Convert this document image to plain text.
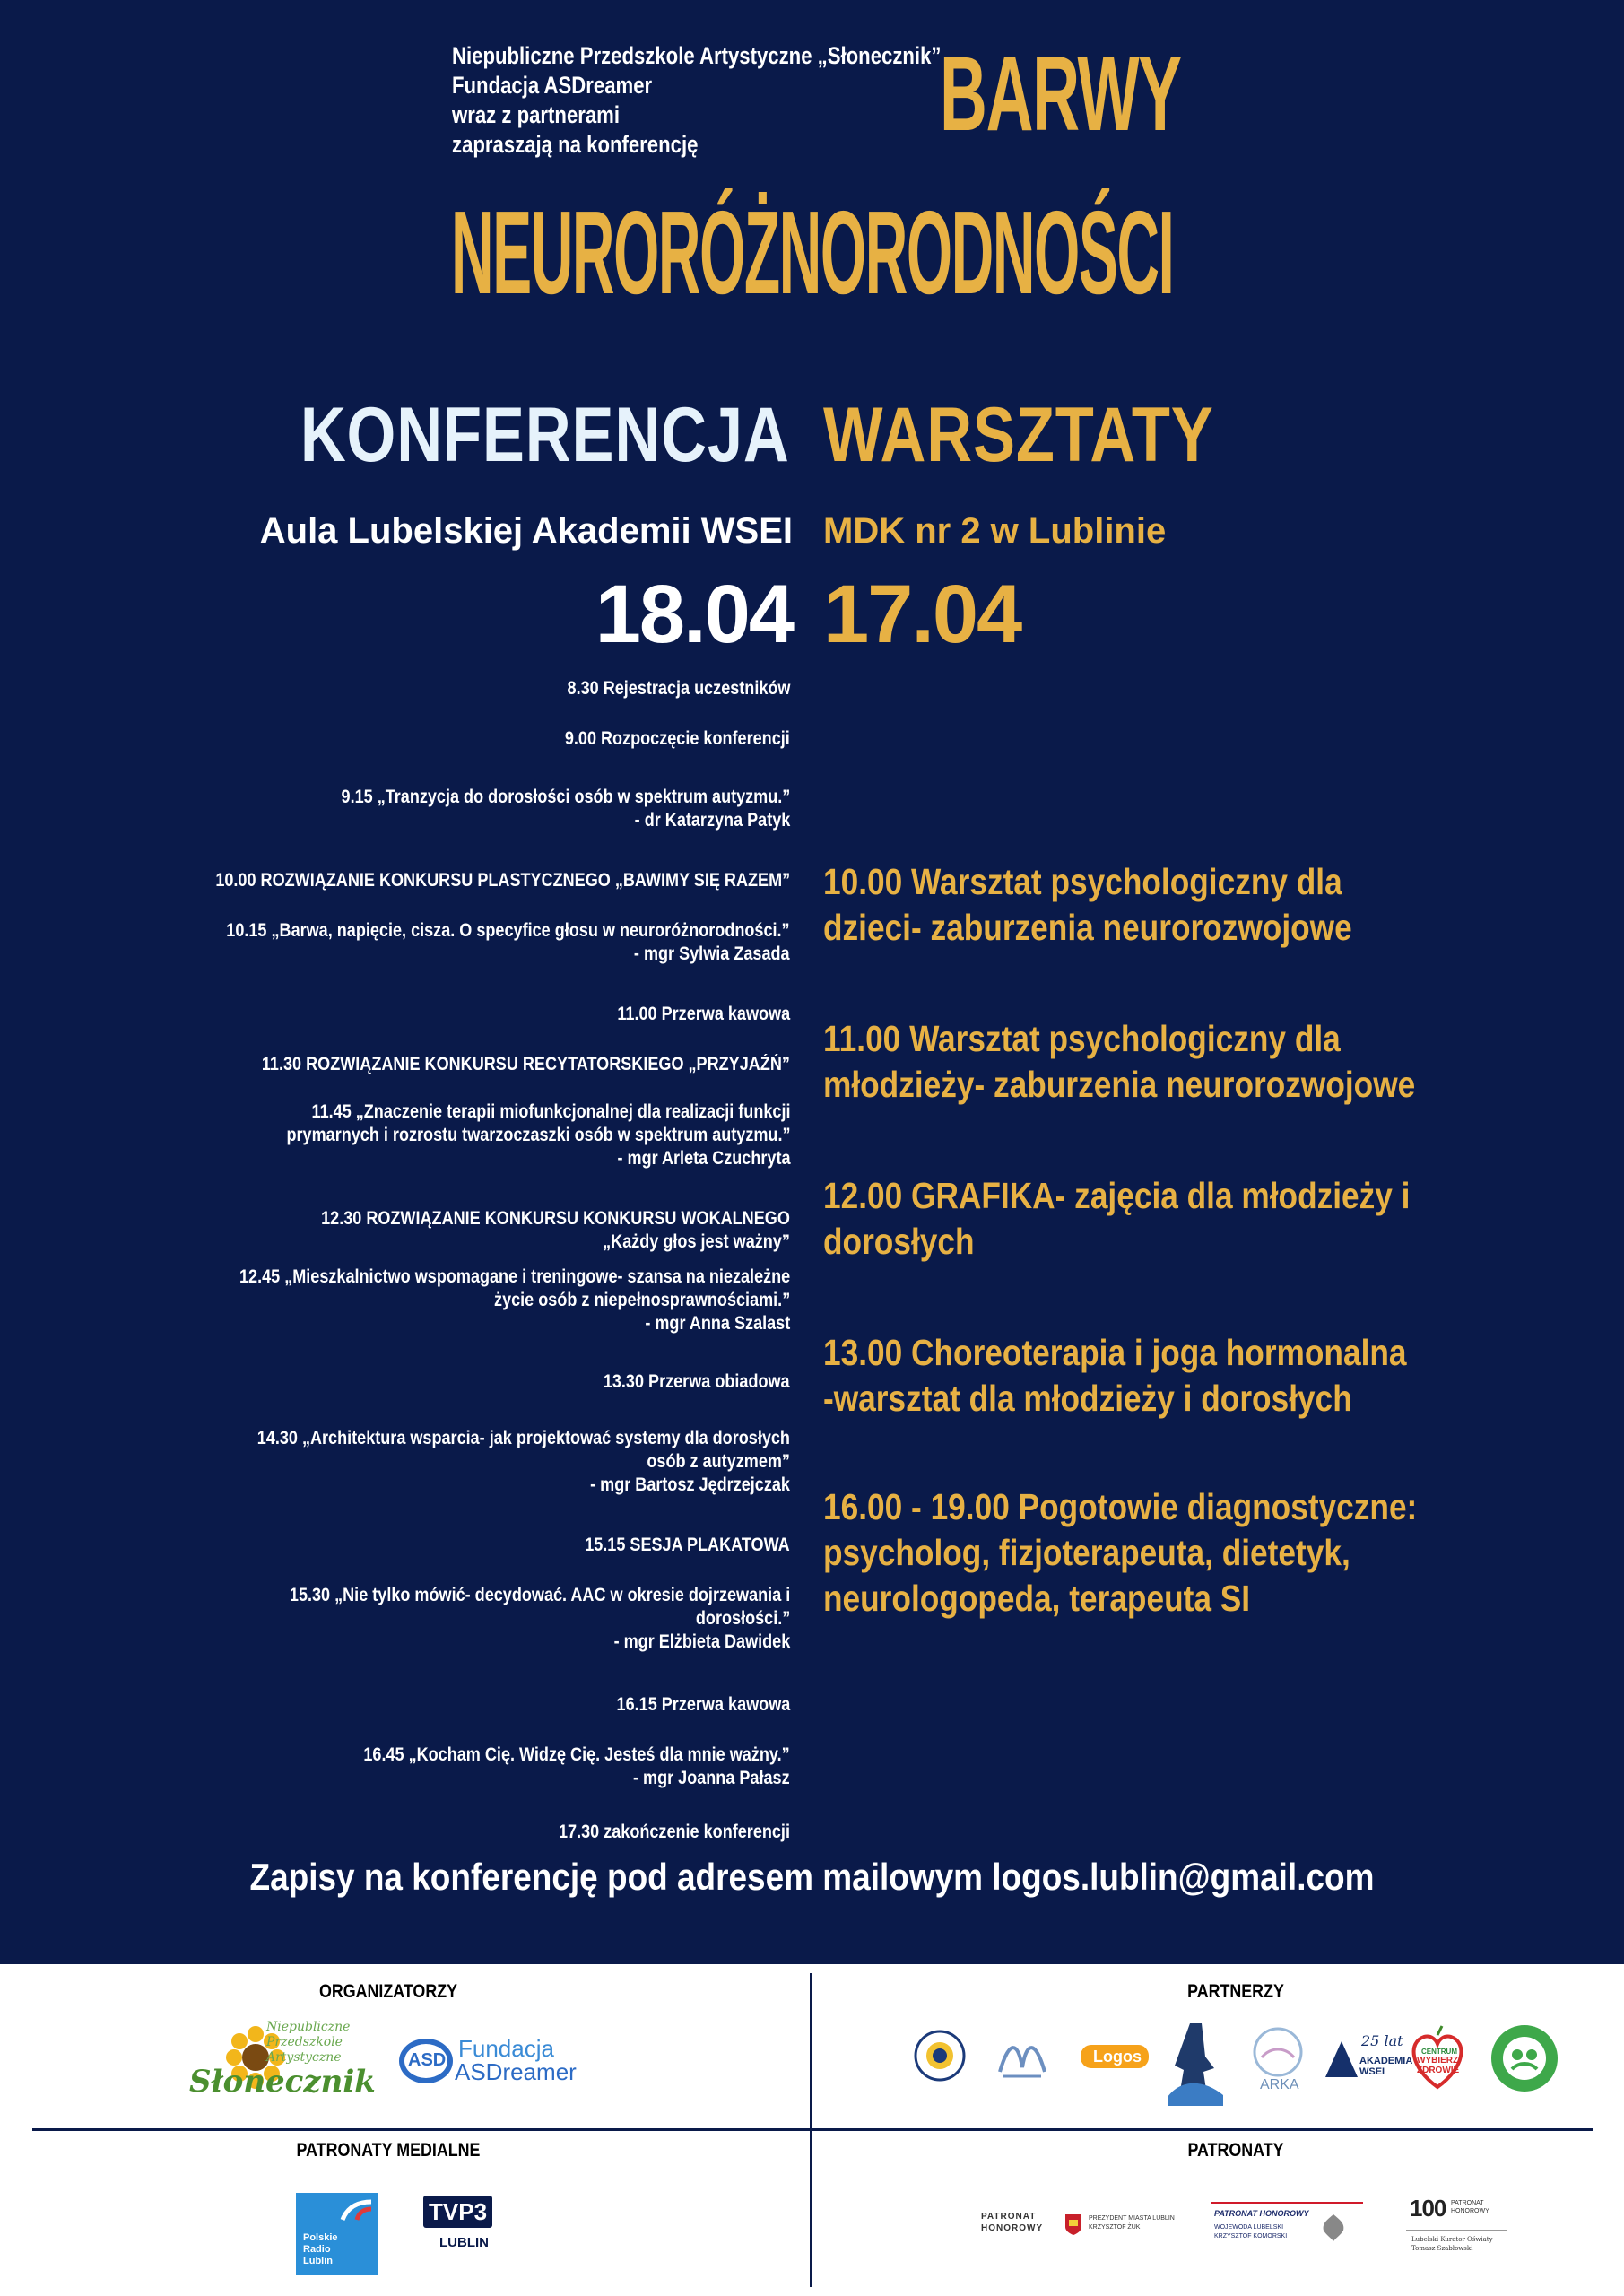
Niepubliczne Przedszkole Artystyczne „Słonecznik”
Fundacja ASDreamer
wraz z partnerami
zapraszają na konferencję	BARWY
NEURORÓŻNORODNOŚCI
KONFERENCJA WARSZTATY
Aula Lubelskiej Akademii WSEI MDK nr 2 w Lublinie
18.04 17.04
8.30 Rejestracja uczestników
9.00 Rozpoczęcie konferencji
9.15 „Tranzycja do dorosłości osób w spektrum autyzmu.”
- dr Katarzyna Patyk
10.00 ROZWIĄZANIE KONKURSU PLASTYCZNEGO „BAWIMY SIĘ RAZEM”
10.15 „Barwa, napięcie, cisza. O specyfice głosu w neuroróżnorodności.”
- mgr Sylwia Zasada
11.00 Przerwa kawowa
11.30 ROZWIĄZANIE KONKURSU RECYTATORSKIEGO „PRZYJAŹŃ”
11.45 „Znaczenie terapii miofunkcjonalnej dla realizacji funkcji
prymarnych i rozrostu twarzoczaszki osób w spektrum autyzmu.”
- mgr Arleta Czuchryta
12.30 ROZWIĄZANIE KONKURSU KONKURSU WOKALNEGO
„Każdy głos jest ważny”
12.45 „Mieszkalnictwo wspomagane i treningowe- szansa na niezależne
życie osób z niepełnosprawnościami.”
- mgr Anna Szalast
13.30 Przerwa obiadowa
14.30 „Architektura wsparcia- jak projektować systemy dla dorosłych
osób z autyzmem”
- mgr Bartosz Jędrzejczak
15.15 SESJA PLAKATOWA
15.30 „Nie tylko mówić- decydować. AAC w okresie dojrzewania i
dorosłości.”
- mgr Elżbieta Dawidek
16.15 Przerwa kawowa
16.45 „Kocham Cię. Widzę Cię. Jesteś dla mnie ważny.”
- mgr Joanna Pałasz
17.30 zakończenie konferencji
10.00 Warsztat psychologiczny dla
dzieci- zaburzenia neurorozwojowe
11.00 Warsztat psychologiczny dla
młodzieży- zaburzenia neurorozwojowe
12.00 GRAFIKA- zajęcia dla młodzieży i
dorosłych
13.00 Choreoterapia i joga hormonalna
-warsztat dla młodzieży i dorosłych
16.00 - 19.00 Pogotowie diagnostyczne:
psycholog, fizjoterapeuta, dietetyk,
neurologopeda, terapeuta SI
Zapisy na konferencję pod adresem mailowym logos.lublin@gmail.com
ORGANIZATORZY	PARTNERZY
PATRONATY MEDIALNE	PATRONATY
Niepubliczne
Przedszkole
Artystyczne
Słonecznik
ASD Fundacja
ASDreamer
Logos
ARKA
25 lat
AKADEMIA WSEI
CENTRUM
WYBIERZ
ZDROWIE
Polskie
Radio
Lublin
TVP3
LUBLIN
PATRONAT
HONOROWY
PREZYDENT MIASTA LUBLIN
KRZYSZTOF ŻUK
PATRONAT HONOROWY
WOJEWODA LUBELSKI
KRZYSZTOF KOMORSKI
100 PATRONAT
HONOROWY
Lubelski Kurator Oświaty
Tomasz Szabłowski
